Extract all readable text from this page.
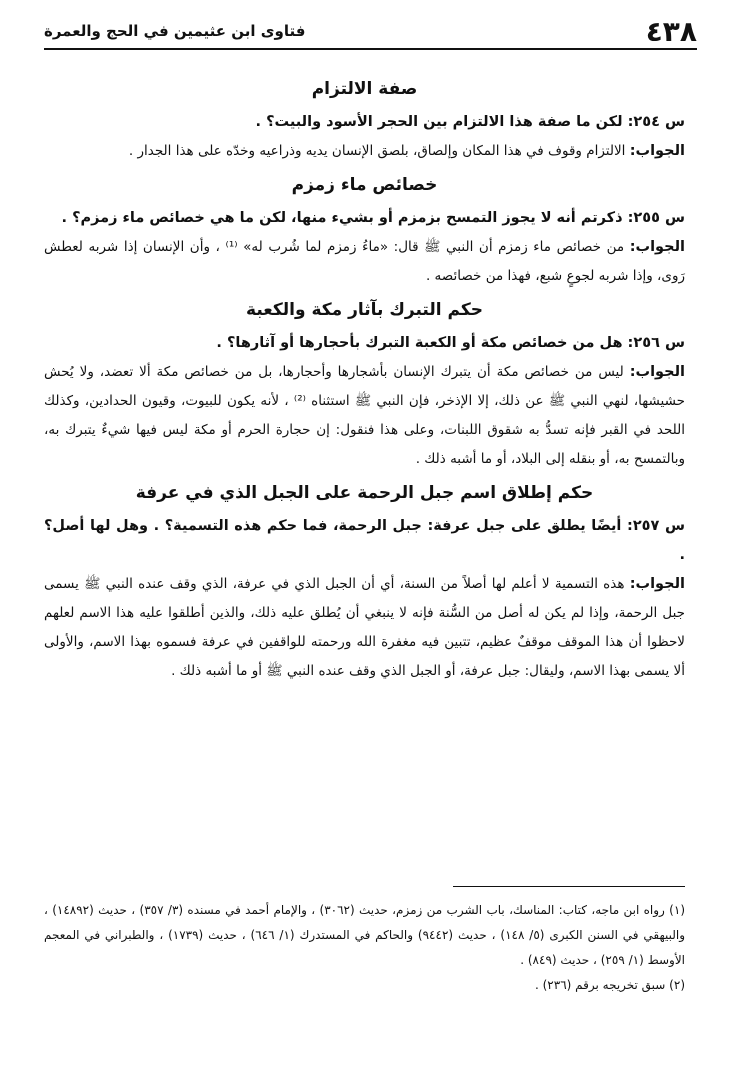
٤٣٨
فتاوى ابن عثيمين في الحج والعمرة
صفة الالتزام

س ٢٥٤: لكن ما صفة هذا الالتزام بين الحجر الأسود والبيت؟ .

الجواب: الالتزام وقوف في هذا المكان وإلصاق، بلصق الإنسان يديه وذراعيه وخدّه على هذا الجدار .

خصائص ماء زمزم

س ٢٥٥: ذكرتم أنه لا يجوز التمسح بزمزم أو بشيء منها، لكن ما هي خصائص ماء زمزم؟ .

الجواب: من خصائص ماء زمزم أن النبي ﷺ قال: «ماءُ زمزم لما شُرب له» ⁽¹⁾ ، وأن الإنسان إذا شربه لعطش رَوى، وإذا شربه لجوعٍ شبع، فهذا من خصائصه .

حكم التبرك بآثار مكة والكعبة

س ٢٥٦: هل من خصائص مكة أو الكعبة التبرك بأحجارها أو آثارها؟ .

الجواب: ليس من خصائص مكة أن يتبرك الإنسان بأشجارها وأحجارها، بل من خصائص مكة ألا تعضد، ولا يُحش حشيشها، لنهي النبي ﷺ عن ذلك، إلا الإذخر، فإن النبي ﷺ استثناه ⁽²⁾ ، لأنه يكون للبيوت، وقيون الحدادين، وكذلك اللحد في القبر فإنه تسدُّ به شقوق اللبنات، وعلى هذا فنقول: إن حجارة الحرم أو مكة ليس فيها شيءٌ يتبرك به، وبالتمسح به، أو بنقله إلى البلاد، أو ما أشبه ذلك .

حكم إطلاق اسم جبل الرحمة على الجبل الذي في عرفة

س ٢٥٧: أيضًا يطلق على جبل عرفة: جبل الرحمة، فما حكم هذه التسمية؟ . وهل لها أصل؟ .

الجواب: هذه التسمية لا أعلم لها أصلاً من السنة، أي أن الجبل الذي في عرفة، الذي وقف عنده النبي ﷺ يسمى جبل الرحمة، وإذا لم يكن له أصل من السُّنة فإنه لا ينبغي أن يُطلق عليه ذلك، والذين أطلقوا عليه هذا الاسم لعلهم لاحظوا أن هذا الموقف موقفٌ عظيم، تتبين فيه مغفرة الله ورحمته للواقفين في عرفة فسموه بهذا الاسم، والأولى ألا يسمى بهذا الاسم، وليقال: جبل عرفة، أو الجبل الذي وقف عنده النبي ﷺ أو ما أشبه ذلك .

(١) رواه ابن ماجه، كتاب: المناسك، باب الشرب من زمزم، حديث (٣٠٦٢) ، والإمام أحمد في مسنده (٣/ ٣٥٧) ، حديث (١٤٨٩٢) ، والبيهقي في السنن الكبرى (٥/ ١٤٨) ، حديث (٩٤٤٢) والحاكم في المستدرك (١/ ٦٤٦) ، حديث (١٧٣٩) ، والطبراني في المعجم الأوسط (١/ ٢٥٩) ، حديث (٨٤٩) .

(٢) سبق تخريجه برقم (٢٣٦) .
